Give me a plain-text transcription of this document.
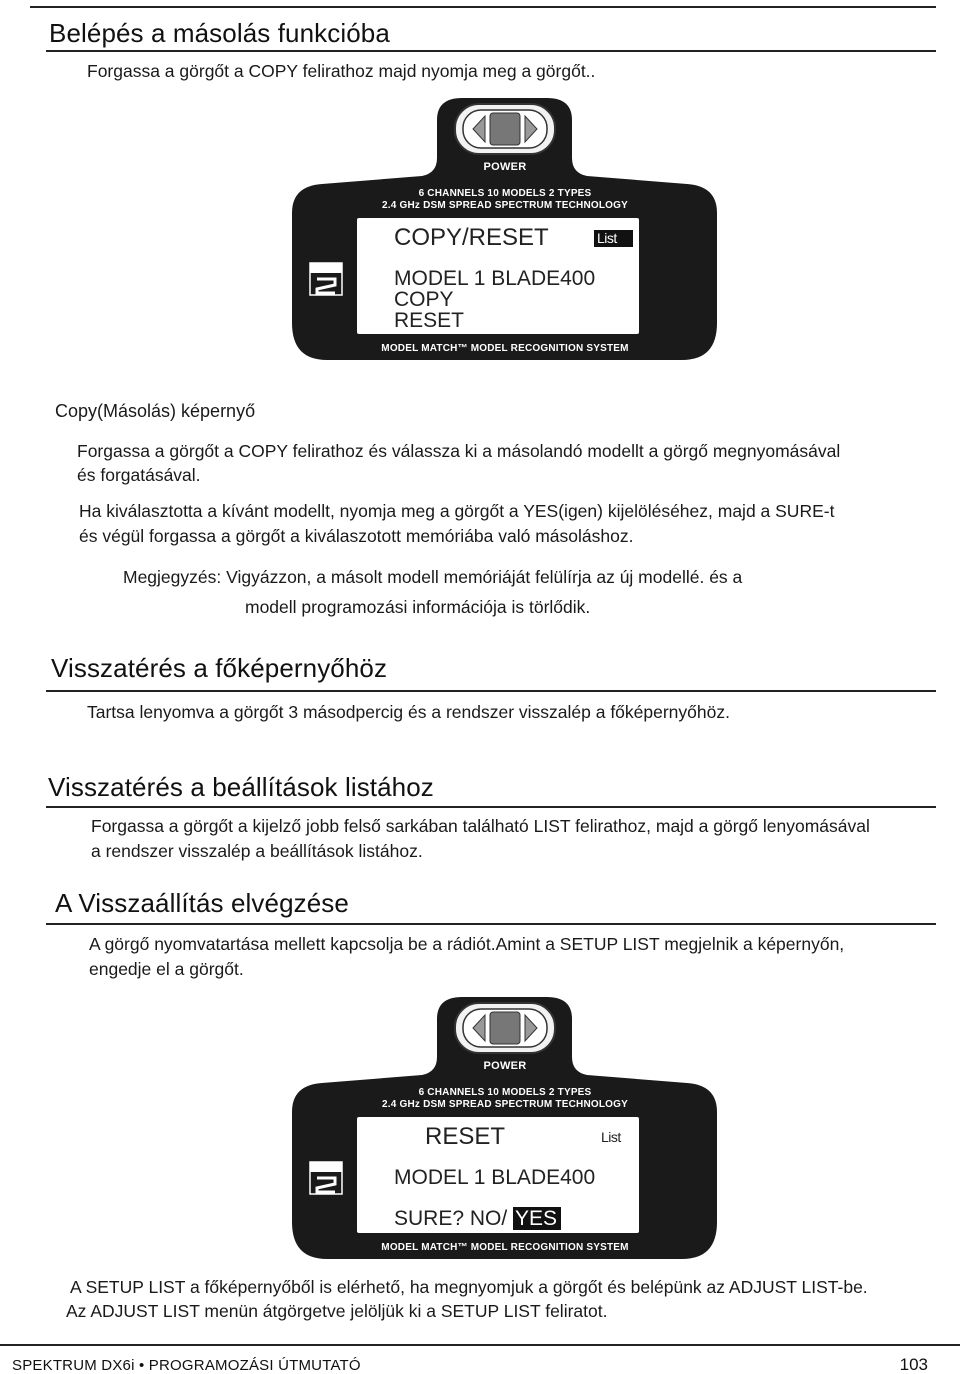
Belépés a másolás funkcióba
Forgassa a görgőt a COPY felirathoz majd nyomja meg a görgőt..
POWER
6 CHANNELS 10 MODELS 2 TYPES
2.4 GHz DSM SPREAD SPECTRUM TECHNOLOGY
COPY/RESET	List
MODEL 1 BLADE400
COPY
RESET
MODEL MATCH™ MODEL RECOGNITION SYSTEM
Copy(Másolás) képernyő
Forgassa a görgőt a COPY felirathoz és válassza ki a másolandó modellt a görgő megnyomásával
és forgatásával.
Ha kiválasztotta a kívánt modellt, nyomja meg a görgőt a YES(igen) kijelöléséhez, majd a SURE-t
és végül forgassa a görgőt a kiválaszotott memóriába való másoláshoz.
Megjegyzés: Vigyázzon, a másolt modell memóriáját felülírja az új modellé. és a
modell programozási információja is törlődik.
Visszatérés a főképernyőhöz
Tartsa lenyomva a görgőt 3 másodpercig és a rendszer visszalép a főképernyőhöz.
Visszatérés a beállítások listához
Forgassa a görgőt a kijelző jobb felső sarkában található LIST felirathoz, majd a görgő lenyomásával
a rendszer visszalép a beállítások listához.
A Visszaállítás elvégzése
A görgő nyomvatartása mellett kapcsolja be a rádiót.Amint a SETUP LIST megjelnik a képernyőn,
engedje el a görgőt.
POWER
6 CHANNELS 10 MODELS 2 TYPES
2.4 GHz DSM SPREAD SPECTRUM TECHNOLOGY
RESET	List
MODEL 1 BLADE400
SURE? NO/ YES
MODEL MATCH™ MODEL RECOGNITION SYSTEM
A SETUP LIST a főképernyőből is elérhető, ha megnyomjuk a görgőt és belépünk az ADJUST LIST-be.
Az ADJUST LIST menün átgörgetve jelöljük ki a SETUP LIST feliratot.
SPEKTRUM DX6i • PROGRAMOZÁSI ÚTMUTATÓ	103
